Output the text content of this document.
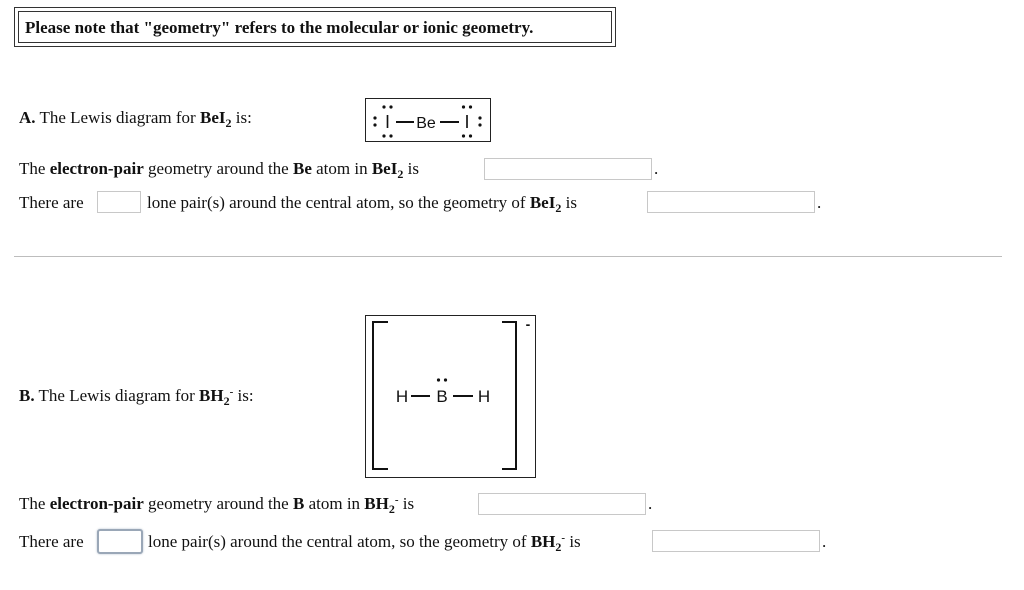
Please note that "geometry" refers to the molecular or ionic geometry.
A. The Lewis diagram for BeI$_2$ is:	I Be I
The electron-pair geometry around the Be atom in BeI$_2$ is	.
There are	lone pair(s) around the central atom, so the geometry of BeI$_2$ is	.
B. The Lewis diagram for $BH_2^-$ is:
-
H B H
The electron-pair geometry around the B atom in $BH_2^-$ is	.
There are	lone pair(s) around the central atom, so the geometry of $BH_2^-$ is	.
